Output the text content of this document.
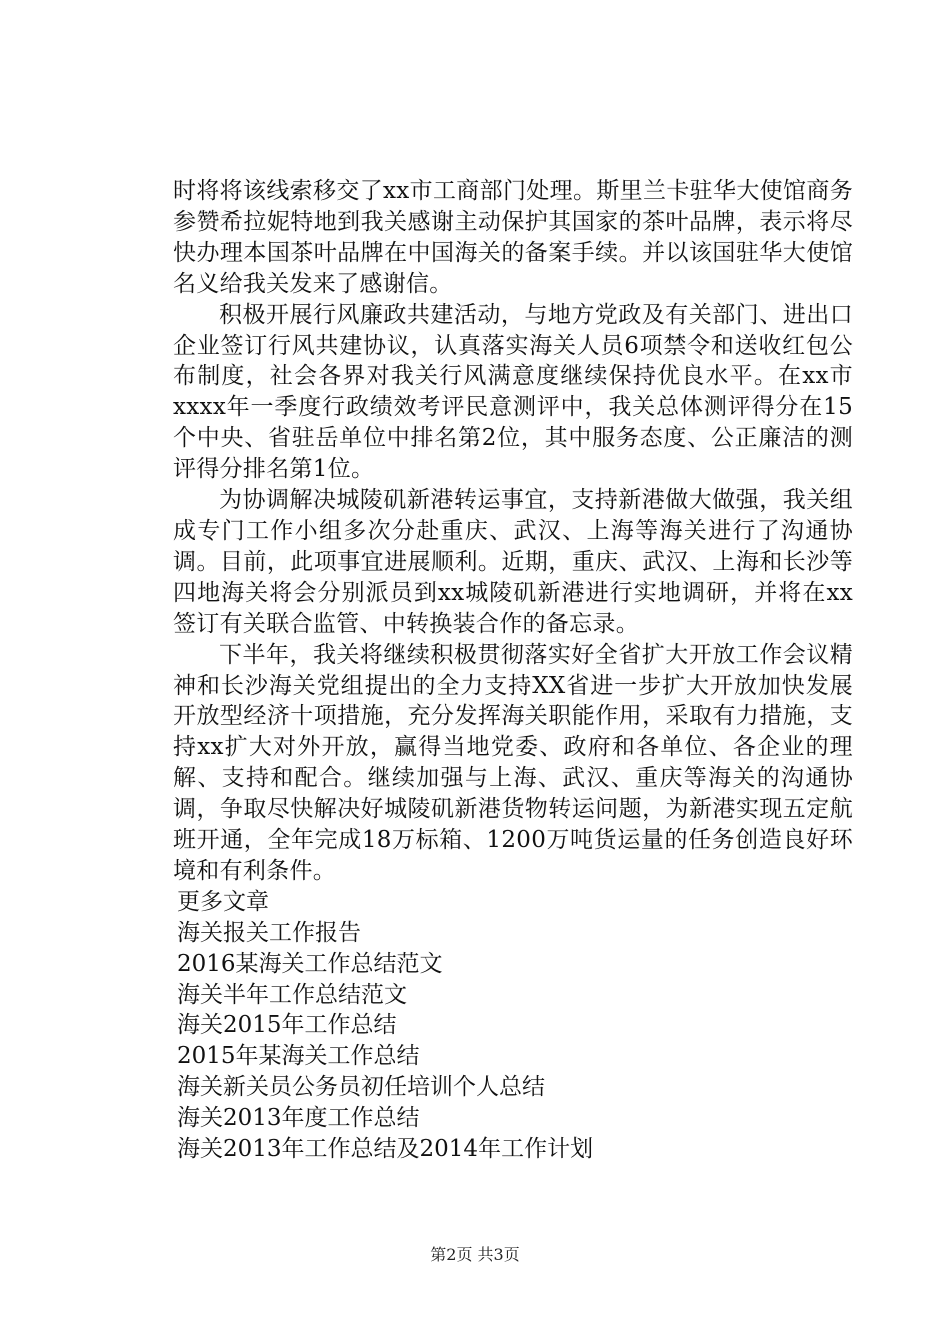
时将将该线索移交了xx市工商部门处理。斯里兰卡驻华大使馆商务参赞希拉妮特地到我关感谢主动保护其国家的茶叶品牌，表示将尽快办理本国茶叶品牌在中国海关的备案手续。并以该国驻华大使馆名义给我关发来了感谢信。

积极开展行风廉政共建活动，与地方党政及有关部门、进出口企业签订行风共建协议，认真落实海关人员6项禁令和送收红包公布制度，社会各界对我关行风满意度继续保持优良水平。在xx市xxxx年一季度行政绩效考评民意测评中，我关总体测评得分在15个中央、省驻岳单位中排名第2位，其中服务态度、公正廉洁的测评得分排名第1位。

为协调解决城陵矶新港转运事宜，支持新港做大做强，我关组成专门工作小组多次分赴重庆、武汉、上海等海关进行了沟通协调。目前，此项事宜进展顺利。近期，重庆、武汉、上海和长沙等四地海关将会分别派员到xx城陵矶新港进行实地调研，并将在xx签订有关联合监管、中转换装合作的备忘录。

下半年，我关将继续积极贯彻落实好全省扩大开放工作会议精神和长沙海关党组提出的全力支持XX省进一步扩大开放加快发展开放型经济十项措施，充分发挥海关职能作用，采取有力措施，支持xx扩大对外开放，赢得当地党委、政府和各单位、各企业的理解、支持和配合。继续加强与上海、武汉、重庆等海关的沟通协调，争取尽快解决好城陵矶新港货物转运问题，为新港实现五定航班开通，全年完成18万标箱、1200万吨货运量的任务创造良好环境和有利条件。

更多文章
海关报关工作报告
2016某海关工作总结范文
海关半年工作总结范文
海关2015年工作总结
2015年某海关工作总结
海关新关员公务员初任培训个人总结
海关2013年度工作总结
海关2013年工作总结及2014年工作计划
第2页 共3页
